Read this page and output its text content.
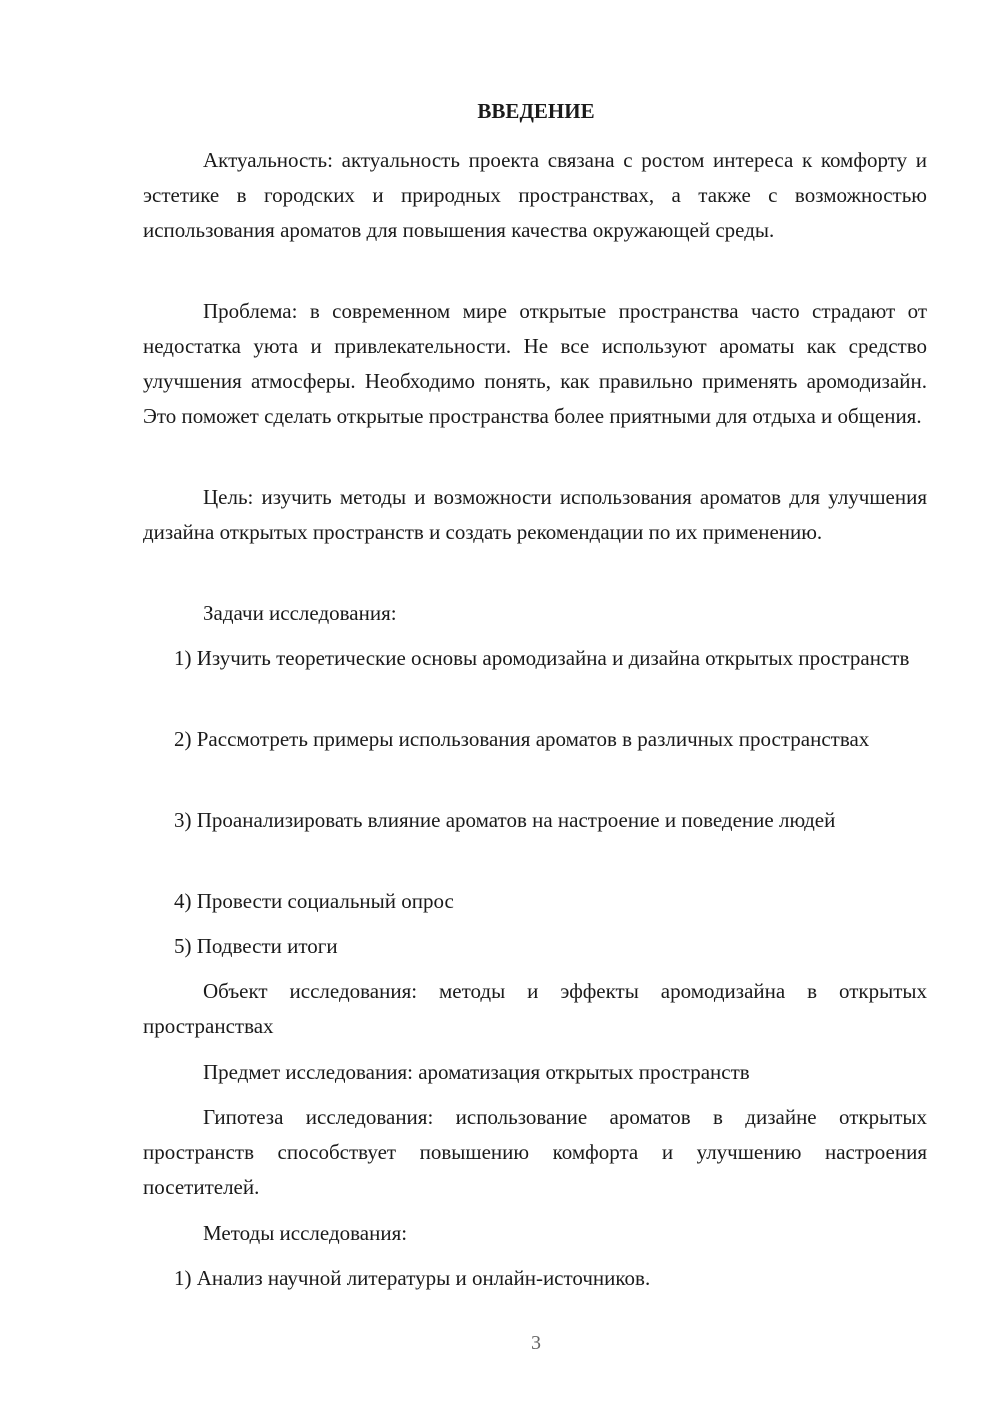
ВВЕДЕНИЕ

Актуальность: актуальность проекта связана с ростом интереса к комфорту и эстетике в городских и природных пространствах, а также с возможностью использования ароматов для повышения качества окружающей среды.

Проблема: в современном мире открытые пространства часто страдают от недостатка уюта и привлекательности. Не все используют ароматы как средство улучшения атмосферы. Необходимо понять, как правильно применять аромодизайн. Это поможет сделать открытые пространства более приятными для отдыха и общения.

Цель: изучить методы и возможности использования ароматов для улучшения дизайна открытых пространств и создать рекомендации по их применению.

Задачи исследования:

1) Изучить теоретические основы аромодизайна и дизайна открытых пространств

2) Рассмотреть примеры использования ароматов в различных пространствах

3) Проанализировать влияние ароматов на настроение и поведение людей

4) Провести социальный опрос

5) Подвести итоги

Объект исследования: методы и эффекты аромодизайна в открытых пространствах

Предмет исследования: ароматизация открытых пространств

Гипотеза исследования: использование ароматов в дизайне открытых пространств способствует повышению комфорта и улучшению настроения посетителей.

Методы исследования:

1) Анализ научной литературы и онлайн-источников.

3
